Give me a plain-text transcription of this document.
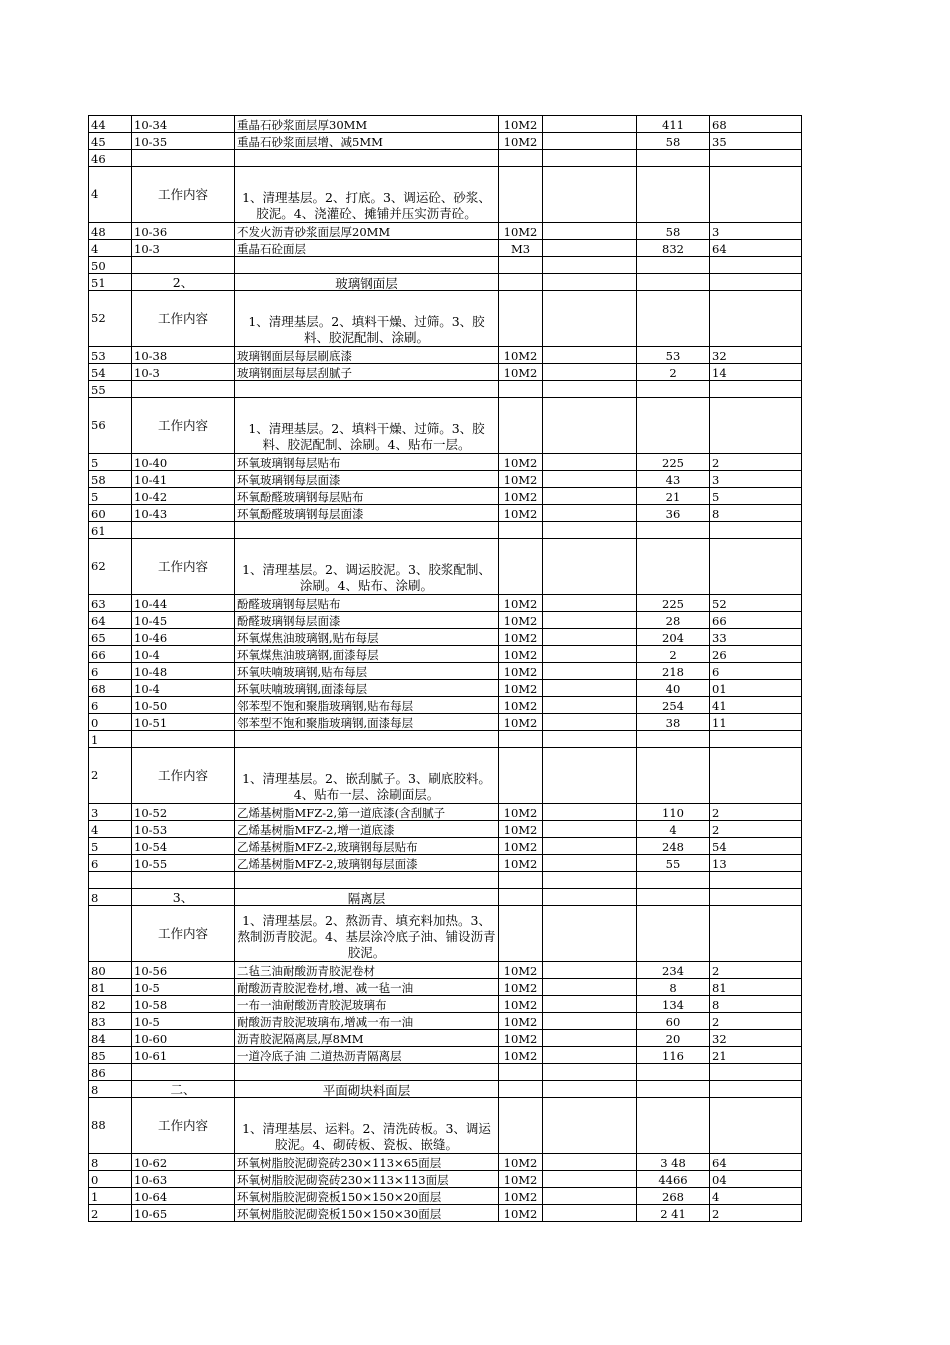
44	10-34	重晶石砂浆面层厚30MM	10M2		411	68
45	10-35	重晶石砂浆面层增、减5MM	10M2		58	35
46						
4	工作内容	1、清理基层。2、打底。3、调运砼、砂浆、胶泥。4、浇灌砼、摊铺并压实沥青砼。				
48	10-36	不发火沥青砂浆面层厚20MM	10M2		58	3
4	10-3	重晶石砼面层	M3		832	64
50						
51	2、	玻璃钢面层				
52	工作内容	1、清理基层。2、填料干燥、过筛。3、胶料、胶泥配制、涂刷。				
53	10-38	玻璃钢面层每层刷底漆	10M2		53	32
54	10-3	玻璃钢面层每层刮腻子	10M2		2	14
55						
56	工作内容	1、清理基层。2、填料干燥、过筛。3、胶料、胶泥配制、涂刷。4、贴布一层。				
5	10-40	环氧玻璃钢每层贴布	10M2		225	2
58	10-41	环氧玻璃钢每层面漆	10M2		43	3
5	10-42	环氧酚醛玻璃钢每层贴布	10M2		21	5
60	10-43	环氧酚醛玻璃钢每层面漆	10M2		36	8
61						
62	工作内容	1、清理基层。2、调运胶泥。3、胶浆配制、涂刷。4、贴布、涂刷。				
63	10-44	酚醛玻璃钢每层贴布	10M2		225	52
64	10-45	酚醛玻璃钢每层面漆	10M2		28	66
65	10-46	环氧煤焦油玻璃钢,贴布每层	10M2		204	33
66	10-4	环氧煤焦油玻璃钢,面漆每层	10M2		2	26
6	10-48	环氧呋喃玻璃钢,贴布每层	10M2		218	6
68	10-4	环氧呋喃玻璃钢,面漆每层	10M2		40	01
6	10-50	邻苯型不饱和聚脂玻璃钢,贴布每层	10M2		254	41
0	10-51	邻苯型不饱和聚脂玻璃钢,面漆每层	10M2		38	11
1						
2	工作内容	1、清理基层。2、嵌刮腻子。3、刷底胶料。4、贴布一层、涂刷面层。				
3	10-52	乙烯基树脂MFZ-2,第一道底漆(含刮腻子	10M2		110	2
4	10-53	乙烯基树脂MFZ-2,增一道底漆	10M2		4	2
5	10-54	乙烯基树脂MFZ-2,玻璃钢每层贴布	10M2		248	54
6	10-55	乙烯基树脂MFZ-2,玻璃钢每层面漆	10M2		55	13

8	3、	隔离层				
	工作内容	1、清理基层。2、熬沥青、填充料加热。3、熬制沥青胶泥。4、基层涂冷底子油、铺设沥青胶泥。				
80	10-56	二毡三油耐酸沥青胶泥卷材	10M2		234	2
81	10-5	耐酸沥青胶泥卷材,增、减一毡一油	10M2		8	81
82	10-58	一布一油耐酸沥青胶泥玻璃布	10M2		134	8
83	10-5	耐酸沥青胶泥玻璃布,增减一布一油	10M2		60	2
84	10-60	沥青胶泥隔离层,厚8MM	10M2		20	32
85	10-61	一道冷底子油 二道热沥青隔离层	10M2		116	21
86						
8	二、	平面砌块料面层				
88	工作内容	1、清理基层、运料。2、清洗砖板。3、调运胶泥。4、砌砖板、瓷板、嵌缝。				
8	10-62	环氧树脂胶泥砌瓷砖230×113×65面层	10M2		3 48	64
0	10-63	环氧树脂胶泥砌瓷砖230×113×113面层	10M2		4466	04
1	10-64	环氧树脂胶泥砌瓷板150×150×20面层	10M2		268	4
2	10-65	环氧树脂胶泥砌瓷板150×150×30面层	10M2		2 41	2
